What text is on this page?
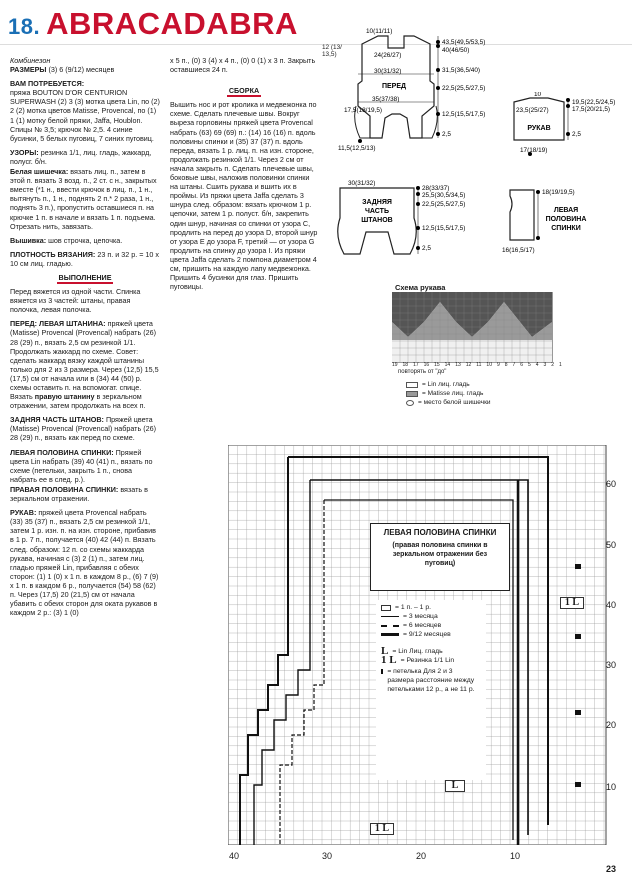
18. ABRACADABRA

Комбинезон

РАЗМЕРЫ (3) 6 (9/12) месяцев

ВАМ ПОТРЕБУЕТСЯ:
пряжа BOUTON D'OR CENTURION SUPERWASH (2) 3 (3) мотка цвета Lin, по (2) 2 (2) мотка цветов Matisse, Provencal, по (1) 1 (1) мотку белой пряжи, Jaffa, Houblon. Спицы № 3,5; крючок № 2,5. 4 синие бусинки, 5 белых пуговиц, 7 синих пуговиц.

УЗОРЫ: резинка 1/1, лиц. гладь, жаккард, полусг. б/н.

Белая шишечка: вязать лиц. п., затем в этой п. вязать 3 возд. п., 2 ст. с н., закрытых вместе (*1 н., ввести крючок в лиц. п., 1 н., вытянуть п., 1 н., поднять 2 п.* 2 раза, 1 н., поднять 3 п.), пропустить оставшиеся п. на крючке 1 п. в начале и вязать 1 п. подъема. Отрезать нить, завязать.

Вышивка: шов строчка, цепочка.

ПЛОТНОСТЬ ВЯЗАНИЯ: 23 п. и 32 р. = 10 x 10 см лиц. гладью.

ВЫПОЛНЕНИЕ

Перед вяжется из одной части. Спинка вяжется из 3 частей: штаны, правая полочка, левая полочка.

ПЕРЕД: ЛЕВАЯ ШТАНИНА: пряжей цвета (Matisse) Provencal (Provencal) набрать (26) 28 (29) п., вязать 2,5 см резинкой 1/1. Продолжать жаккард по схеме. Совет: сделать жаккард вязку каждой штанины только для 2 из 3 размера. Через (12,5) 15,5 (17,5) см от начала или в (34) 44 (50) р. схемы оставить п. на вспомогат. спице. Вязать правую штанину в зеркальном отражении, затем продолжать на всех п.

ЗАДНЯЯ ЧАСТЬ ШТАНОВ: Пряжей цвета (Matisse) Provencal (Provencal) набрать (26) 28 (29) п., вязать как перед по схеме.

ЛЕВАЯ ПОЛОВИНА СПИНКИ: Пряжей цвета Lin набрать (39) 40 (41) п., вязать по схеме (петельки, закрыть 1 п., снова набрать ее в след. р.).

ПРАВАЯ ПОЛОВИНА СПИНКИ: вязать в зеркальном отражении.

РУКАВ: пряжей цвета Provencal набрать (33) 35 (37) п., вязать 2,5 см резинкой 1/1, затем 1 р. изн. п. на изн. стороне, прибавив в 1 р. 7 п., получается (40) 42 (44) п. Вязать след. образом: 12 п. со схемы жаккарда рукава, начиная с (3) 2 (1) п., затем лиц. гладью пряжей Lin, прибавляя с обеих сторон: (1) 1 (0) х 1 п. в каждом 8 р., (6) 7 (9) х 1 п. в каждом 6 р., получается (54) 58 (62) п. Через (17,5) 20 (21,5) см от начала убавить с обеих сторон для оката рукавов в каждом 2 р.: (3) 1 (0)

х 5 п., (0) 3 (4) х 4 п., (0) 0 (1) х 3 п. Закрыть оставшиеся 24 п.

СБОРКА

Вышить нос и рот кролика и медвежонка по схеме. Сделать плечевые швы. Вокруг выреза горловины пряжей цвета Provencal набрать (63) 69 (69) п.: (14) 16 (16) п. вдоль половины спинки и (35) 37 (37) п. вдоль переда, вязать 1 р. лиц. п. на изн. стороне, продолжать резинкой 1/1. Через 2 см от начала закрыть п. Сделать плечевые швы, боковые швы, наложив половинки спинки на штаны. Сшить рукава и вшить их в проймы. Из пряжи цвета Jaffa сделать 3 шнура след. образом: вязать крючком 1 р. цепочки, затем 1 р. полуст. б/н, закрепить один шнур, начиная со спинки от узора С, продлить на перед до узора D, второй шнур от узора Е до узора F, третий — от узора G продлить на спинку до узора I. Из пряжи цвета Jaffa сделать 2 помпона диаметром 4 см, пришить на каждую лапу медвежонка. Пришить 4 бусинки для глаз. Пришить пуговицы.

10(11/11)
24(26/27)
30(31/32)
ПЕРЕД
35(37/38)
17,5(18/19,5)
11,5(12,5/13)
43,5(49,5/53,5)
40(46/50)
31,5(36,5/40)
22,5(25,5/27,5)
12,5(15,5/17,5)
2,5
12 (13/ 13,5)
30(31/32)
ЗАДНЯЯ
ЧАСТЬ
ШТАНОВ
28(33/37)
25,5(30,5/34,5)
22,5(25,5/27,5)
12,5(15,5/17,5)
2,5
10
23,5(25/27)
РУКАВ
17(18/19)
19,5(22,5/24,5)
17,5(20/21,5)
2,5
18(19/19,5)
ЛЕВАЯ
ПОЛОВИНА
СПИНКИ
16(16,5/17)
Схема рукава
19 18 17 16 15 14 13 12 11 10 9 8 7 6 5 4 3 2 1
повторять от "до"
= Lin лиц. гладь
= Matisse лиц. гладь
= место белой шишечки
ЛЕВАЯ ПОЛОВИНА СПИНКИ
(правая половина спинки в зеркальном отражении без пуговиц)
= 1 п. – 1 р.
= 3 месяца
= 6 месяцев
= 9/12 месяцев
L = Lin Лиц. гладь
1 L = Резинка 1/1 Lin
= петелька Для 2 и 3 размера расстояние между петельками 12 р., а не 11 р.
L
1 L
1 L
60
50
40
30
20
10
40	30	20	10
23
